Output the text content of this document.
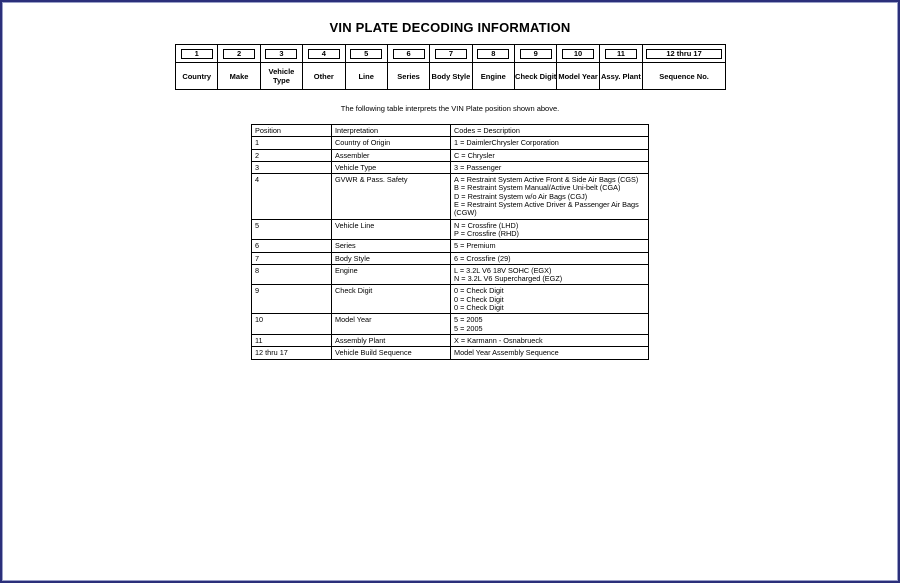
VIN PLATE DECODING INFORMATION
1	2	3	4	5	6	7	8	9	10	11	12 thru 17
Country	Make	Vehicle Type	Other	Line	Series	Body Style	Engine	Check Digit	Model Year	Assy. Plant	Sequence No.
The following table interprets the VIN Plate position shown above.
Position	Interpretation	Codes = Description
1	Country of Origin	1 = DaimlerChrysler Corporation

2	Assembler	C = Chrysler

3	Vehicle Type	3 = Passenger

4	GVWR & Pass. Safety	A = Restraint System Active Front & Side Air Bags (CGS)
B = Restraint System Manual/Active Uni-belt (CGA)
D = Restraint System w/o Air Bags (CGJ)
E = Restraint System Active Driver & Passenger Air Bags (CGW)

5	Vehicle Line	N = Crossfire (LHD)
P = Crossfire (RHD)

6	Series	5 = Premium

7	Body Style	6 = Crossfire (29)

8	Engine	L = 3.2L V6 18V SOHC (EGX)
N = 3.2L V6 Supercharged (EGZ)

9	Check Digit	0 = Check Digit
0 = Check Digit
0 = Check Digit

10	Model Year	5 = 2005
5 = 2005

11	Assembly Plant	X = Karmann - Osnabrueck

12 thru 17	Vehicle Build Sequence	Model Year Assembly Sequence
